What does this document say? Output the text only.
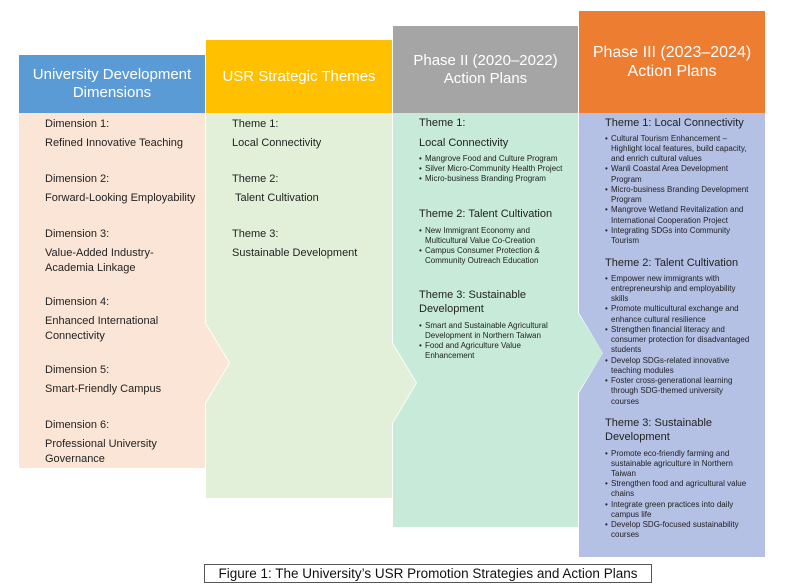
University Development
Dimensions
USR Strategic Themes
Phase II (2020–2022)
Action Plans
Phase III (2023–2024)
Action Plans
Dimension 1:
Refined Innovative Teaching
Dimension 2:
Forward-Looking Employability
Dimension 3:
Value-Added Industry-
Academia Linkage
Dimension 4:
Enhanced International
Connectivity
Dimension 5:
Smart-Friendly Campus
Dimension 6:
Professional University
Governance
Theme 1:
Local Connectivity
Theme 2:
Talent Cultivation
Theme 3:
Sustainable Development
Theme 1:
Local Connectivity
• Mangrove Food and Culture Program
• Silver Micro-Community Health Project
• Micro-business Branding Program
Theme 2: Talent Cultivation
• New Immigrant Economy and
Multicultural Value Co-Creation
• Campus Consumer Protection &
Community Outreach Education
Theme 3: Sustainable
Development
• Smart and Sustainable Agricultural
Development in Northern Taiwan
• Food and Agriculture Value
Enhancement
Theme 1: Local Connectivity
• Cultural Tourism Enhancement –
Highlight local features, build capacity,
and enrich cultural values
• Wanli Coastal Area Development
Program
• Micro-business Branding Development
Program
• Mangrove Wetland Revitalization and
International Cooperation Project
• Integrating SDGs into Community
Tourism
Theme 2: Talent Cultivation
• Empower new immigrants with
entrepreneurship and employability
skills
• Promote multicultural exchange and
enhance cultural resilience
• Strengthen financial literacy and
consumer protection for disadvantaged
students
• Develop SDGs-related innovative
teaching modules
• Foster cross-generational learning
through SDG-themed university
courses
Theme 3: Sustainable
Development
• Promote eco-friendly farming and
sustainable agriculture in Northern
Taiwan
• Strengthen food and agricultural value
chains
• Integrate green practices into daily
campus life
• Develop SDG-focused sustainability
courses
Figure 1: The University’s USR Promotion Strategies and Action Plans
